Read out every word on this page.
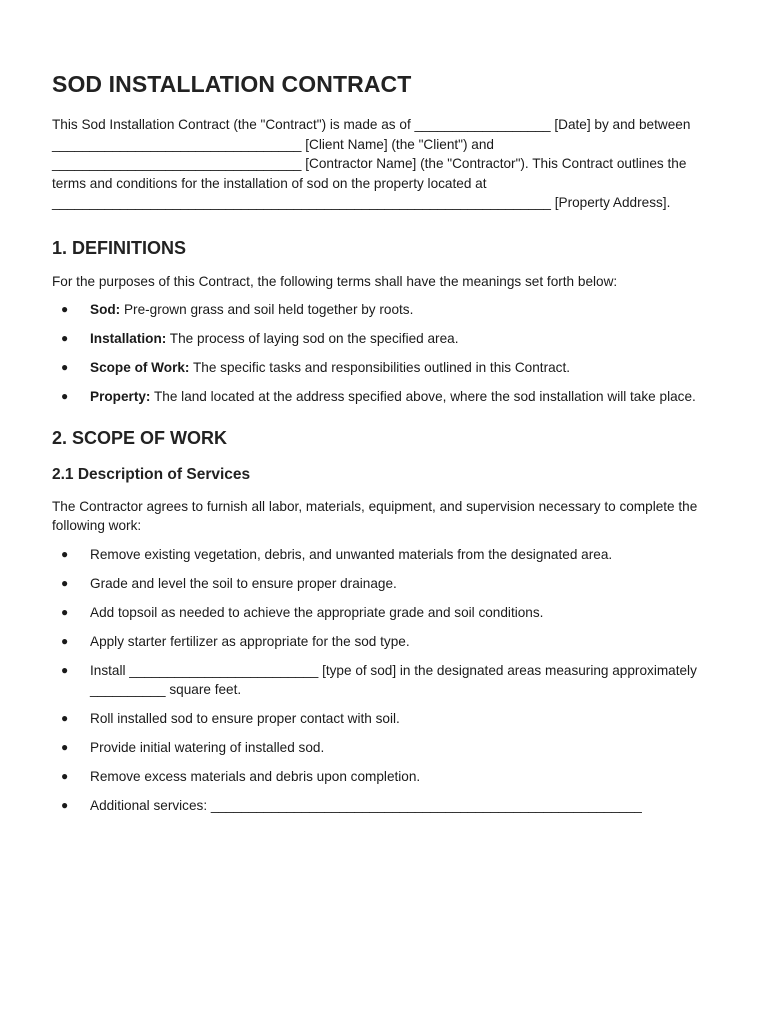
SOD INSTALLATION CONTRACT

This Sod Installation Contract (the "Contract") is made as of __________________ [Date] by and between _________________________________ [Client Name] (the "Client") and _________________________________ [Contractor Name] (the "Contractor"). This Contract outlines the terms and conditions for the installation of sod on the property located at __________________________________________________________________ [Property Address].

1. DEFINITIONS

For the purposes of this Contract, the following terms shall have the meanings set forth below:

● Sod: Pre-grown grass and soil held together by roots.
● Installation: The process of laying sod on the specified area.
● Scope of Work: The specific tasks and responsibilities outlined in this Contract.
● Property: The land located at the address specified above, where the sod installation will take place.
2. SCOPE OF WORK
2.1 Description of Services

The Contractor agrees to furnish all labor, materials, equipment, and supervision necessary to complete the following work:

● Remove existing vegetation, debris, and unwanted materials from the designated area.
● Grade and level the soil to ensure proper drainage.
● Add topsoil as needed to achieve the appropriate grade and soil conditions.
● Apply starter fertilizer as appropriate for the sod type.
● Install _________________________ [type of sod] in the designated areas measuring approximately __________ square feet.
● Roll installed sod to ensure proper contact with soil.
● Provide initial watering of installed sod.
● Remove excess materials and debris upon completion.
● Additional services: _________________________________________________________
